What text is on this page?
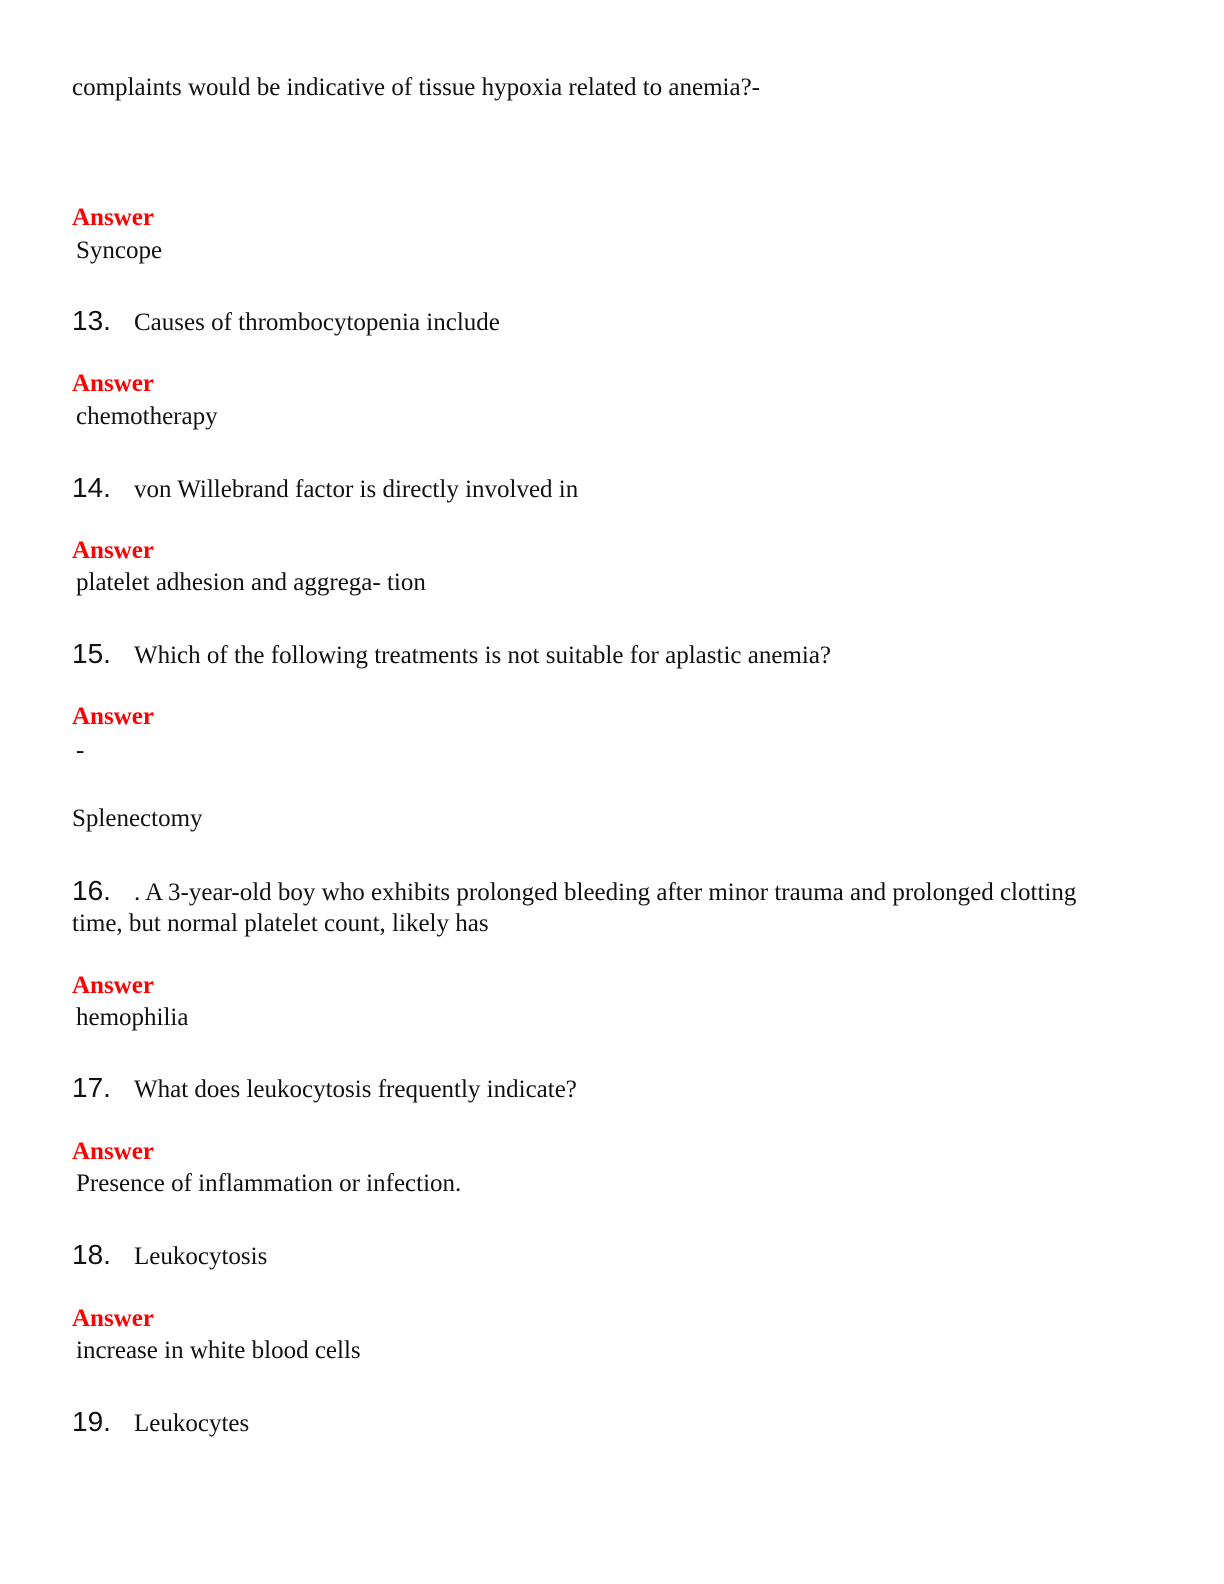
complaints would be indicative of tissue hypoxia related to anemia?-
Answer
Syncope
13. Causes of thrombocytopenia include
Answer
chemotherapy
14. von Willebrand factor is directly involved in
Answer
platelet adhesion and aggrega- tion
15. Which of the following treatments is not suitable for aplastic anemia?
Answer
-
Splenectomy
16. . A 3-year-old boy who exhibits prolonged bleeding after minor trauma and prolonged clotting time, but normal platelet count, likely has
Answer
hemophilia
17. What does leukocytosis frequently indicate?
Answer
Presence of inflammation or infection.
18. Leukocytosis
Answer
increase in white blood cells
19. Leukocytes
